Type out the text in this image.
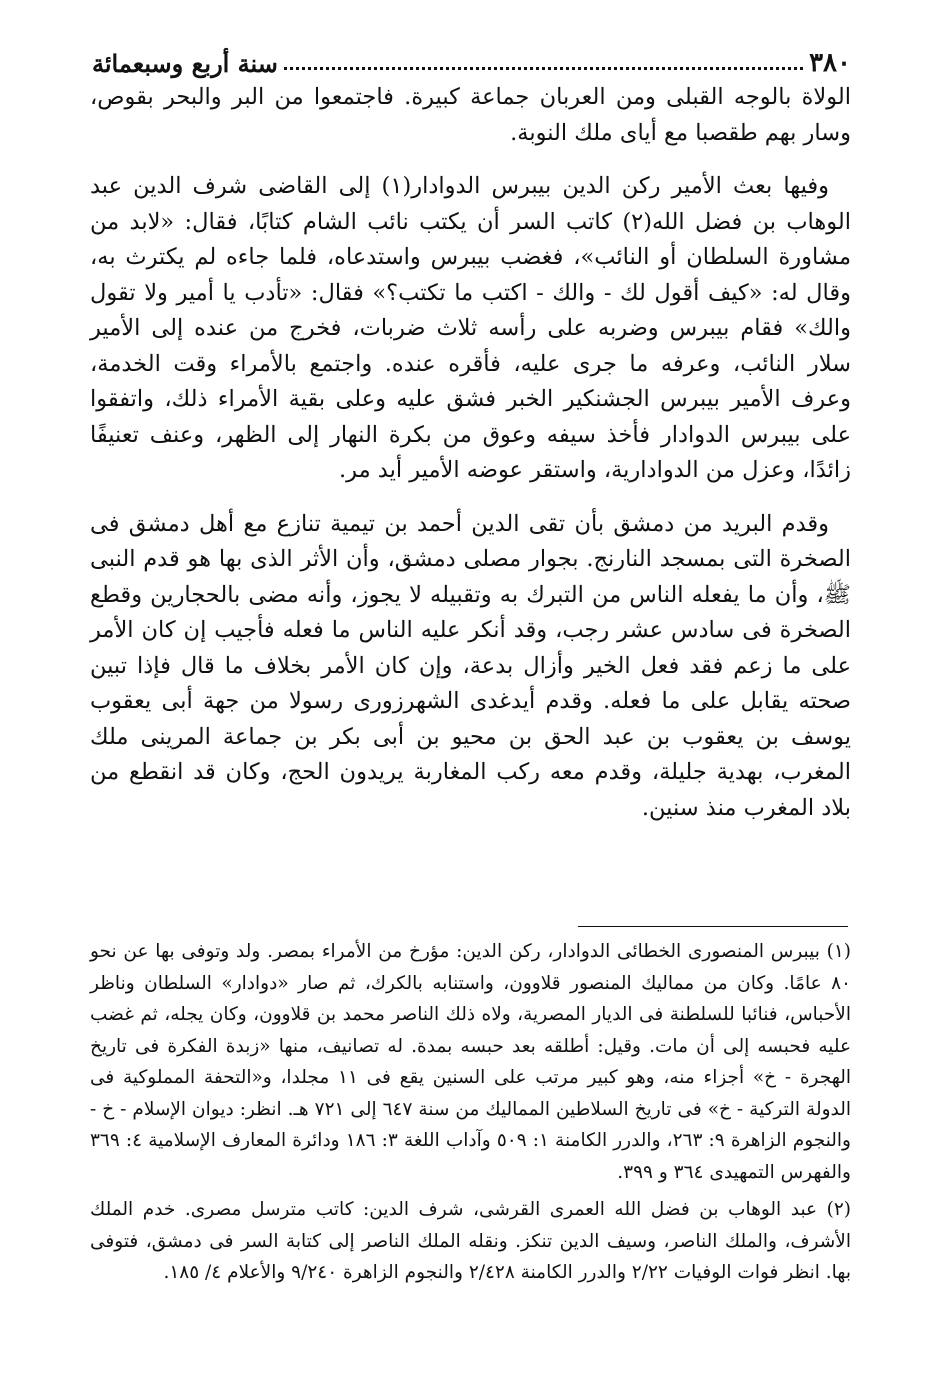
٣٨٠
سنة أربع وسبعمائة

الولاة بالوجه القبلى ومن العربان جماعة كبيرة. فاجتمعوا من البر والبحر بقوص، وسار بهم طقصبا مع أيای ملك النوبة.

وفيها بعث الأمير ركن الدين بيبرس الدوادار(١) إلى القاضى شرف الدين عبد الوهاب بن فضل الله(٢) كاتب السر أن يكتب نائب الشام كتابًا، فقال: «لابد من مشاورة السلطان أو النائب»، فغضب بيبرس واستدعاه، فلما جاءه لم يكترث به، وقال له: «كيف أقول لك - والك - اكتب ما تكتب؟» فقال: «تأدب يا أمير ولا تقول والك» فقام بيبرس وضربه على رأسه ثلاث ضربات، فخرج من عنده إلى الأمير سلار النائب، وعرفه ما جرى عليه، فأقره عنده. واجتمع بالأمراء وقت الخدمة، وعرف الأمير بيبرس الجشنكير الخبر فشق عليه وعلى بقية الأمراء ذلك، واتفقوا على بيبرس الدوادار فأخذ سيفه وعوق من بكرة النهار إلى الظهر، وعنف تعنيفًا زائدًا، وعزل من الدوادارية، واستقر عوضه الأمير أيد مر.

وقدم البريد من دمشق بأن تقى الدين أحمد بن تيمية تنازع مع أهل دمشق فى الصخرة التى بمسجد النارنج. بجوار مصلى دمشق، وأن الأثر الذى بها هو قدم النبى ﷺ، وأن ما يفعله الناس من التبرك به وتقبيله لا يجوز، وأنه مضى بالحجارين وقطع الصخرة فى سادس عشر رجب، وقد أنكر عليه الناس ما فعله فأجيب إن كان الأمر على ما زعم فقد فعل الخير وأزال بدعة، وإن كان الأمر بخلاف ما قال فإذا تبين صحته يقابل على ما فعله. وقدم أيدغدى الشهرزورى رسولا من جهة أبى يعقوب يوسف بن يعقوب بن عبد الحق بن محيو بن أبى بكر بن جماعة المرينى ملك المغرب، بهدية جليلة، وقدم معه ركب المغاربة يريدون الحج، وكان قد انقطع من بلاد المغرب منذ سنين.

(١) بيبرس المنصورى الخطائى الدوادار، ركن الدين: مؤرخ من الأمراء بمصر. ولد وتوفى بها عن نحو ٨٠ عامًا. وكان من مماليك المنصور قلاوون، واستنابه بالكرك، ثم صار «دوادار» السلطان وناظر الأحباس، فنائبا للسلطنة فى الديار المصرية، ولاه ذلك الناصر محمد بن قلاوون، وكان يجله، ثم غضب عليه فحبسه إلى أن مات. وقيل: أطلقه بعد حبسه بمدة. له تصانيف، منها «زبدة الفكرة فى تاريخ الهجرة - خ» أجزاء منه، وهو كبير مرتب على السنين يقع فى ١١ مجلدا، و«التحفة المملوكية فى الدولة التركية - خ» فى تاريخ السلاطين المماليك من سنة ٦٤٧ إلى ٧٢١ هـ. انظر: ديوان الإسلام - خ - والنجوم الزاهرة ٩: ٢٦٣، والدرر الكامنة ١: ٥٠٩ وآداب اللغة ٣: ١٨٦ ودائرة المعارف الإسلامية ٤: ٣٦٩ والفهرس التمهيدى ٣٦٤ و ٣٩٩.

(٢) عبد الوهاب بن فضل الله العمرى القرشى، شرف الدين: كاتب مترسل مصرى. خدم الملك الأشرف، والملك الناصر، وسيف الدين تنكز. ونقله الملك الناصر إلى كتابة السر فى دمشق، فتوفى بها. انظر فوات الوفيات ٢/٢٢ والدرر الكامنة ٢/٤٢٨ والنجوم الزاهرة ٩/٢٤٠ والأعلام ٤/ ١٨٥.
